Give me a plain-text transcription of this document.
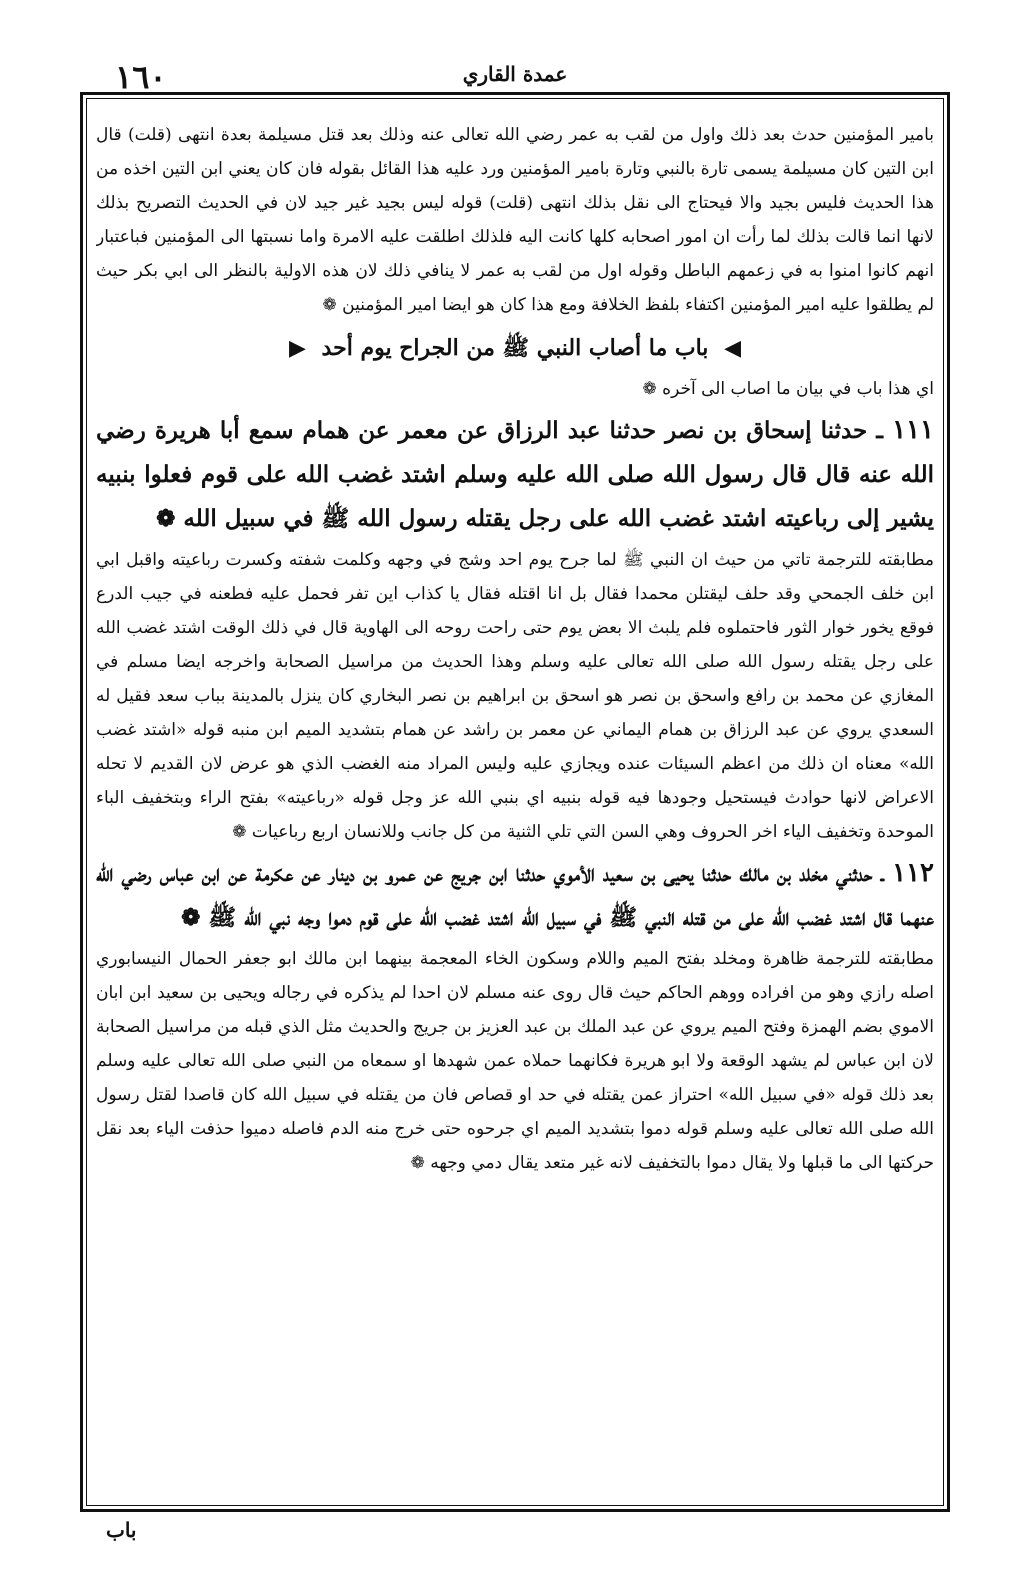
١٦٠	عمدة القاري

بامير المؤمنين حدث بعد ذلك واول من لقب به عمر رضي الله تعالى عنه وذلك بعد قتل مسيلمة بعدة انتهى (قلت) قال ابن التين كان مسيلمة يسمى تارة بالنبي وتارة بامير المؤمنين ورد عليه هذا القائل بقوله فان كان يعني ابن التين اخذه من هذا الحديث فليس بجيد والا فيحتاج الى نقل بذلك انتهى (قلت) قوله ليس بجيد غير جيد لان في الحديث التصريح بذلك لانها انما قالت بذلك لما رأت ان امور اصحابه كلها كانت اليه فلذلك اطلقت عليه الامرة واما نسبتها الى المؤمنين فباعتبار انهم كانوا امنوا به في زعمهم الباطل وقوله اول من لقب به عمر لا ينافي ذلك لان هذه الاولية بالنظر الى ابي بكر حيث لم يطلقوا عليه امير المؤمنين اكتفاء بلفظ الخلافة ومع هذا كان هو ايضا امير المؤمنين ❁

◀ باب ما أصاب النبي ﷺ من الجراح يوم أحد ▶

اي هذا باب في بيان ما اصاب الى آخره ❁

١١١ ـ حدثنا إسحاق بن نصر حدثنا عبد الرزاق عن معمر عن همام سمع أبا هريرة رضي الله عنه قال قال رسول الله صلى الله عليه وسلم اشتد غضب الله على قوم فعلوا بنبيه يشير إلى رباعيته اشتد غضب الله على رجل يقتله رسول الله ﷺ في سبيل الله ❁

مطابقته للترجمة تاتي من حيث ان النبي ﷺ لما جرح يوم احد وشج في وجهه وكلمت شفته وكسرت رباعيته واقبل ابي ابن خلف الجمحي وقد حلف ليقتلن محمدا فقال بل انا اقتله فقال يا كذاب اين تفر فحمل عليه فطعنه في جيب الدرع فوقع يخور خوار الثور فاحتملوه فلم يلبث الا بعض يوم حتى راحت روحه الى الهاوية قال في ذلك الوقت اشتد غضب الله على رجل يقتله رسول الله صلى الله تعالى عليه وسلم وهذا الحديث من مراسيل الصحابة واخرجه ايضا مسلم في المغازي عن محمد بن رافع واسحق بن نصر هو اسحق بن ابراهيم بن نصر البخاري كان ينزل بالمدينة بباب سعد فقيل له السعدي يروي عن عبد الرزاق بن همام اليماني عن معمر بن راشد عن همام بتشديد الميم ابن منبه قوله «اشتد غضب الله» معناه ان ذلك من اعظم السيئات عنده ويجازي عليه وليس المراد منه الغضب الذي هو عرض لان القديم لا تحله الاعراض لانها حوادث فيستحيل وجودها فيه قوله بنبيه اي بنبي الله عز وجل قوله «رباعيته» بفتح الراء وبتخفيف الباء الموحدة وتخفيف الياء اخر الحروف وهي السن التي تلي الثنية من كل جانب وللانسان اربع رباعيات ❁

١١٢ ـ حدثني مخلد بن مالك حدثنا يحيى بن سعيد الأموي حدثنا ابن جريج عن عمرو بن دينار عن عكرمة عن ابن عباس رضي الله عنهما قال اشتد غضب الله على من قتله النبي ﷺ في سبيل الله اشتد غضب الله على قوم دموا وجه نبي الله ﷺ ❁

مطابقته للترجمة ظاهرة ومخلد بفتح الميم واللام وسكون الخاء المعجمة بينهما ابن مالك ابو جعفر الحمال النيسابوري اصله رازي وهو من افراده ووهم الحاكم حيث قال روى عنه مسلم لان احدا لم يذكره في رجاله ويحيى بن سعيد ابن ابان الاموي بضم الهمزة وفتح الميم يروي عن عبد الملك بن عبد العزيز بن جريج والحديث مثل الذي قبله من مراسيل الصحابة لان ابن عباس لم يشهد الوقعة ولا ابو هريرة فكانهما حملاه عمن شهدها او سمعاه من النبي صلى الله تعالى عليه وسلم بعد ذلك قوله «في سبيل الله» احتراز عمن يقتله في حد او قصاص فان من يقتله في سبيل الله كان قاصدا لقتل رسول الله صلى الله تعالى عليه وسلم قوله دموا بتشديد الميم اي جرحوه حتى خرج منه الدم فاصله دميوا حذفت الياء بعد نقل حركتها الى ما قبلها ولا يقال دموا بالتخفيف لانه غير متعد يقال دمي وجهه ❁

باب
